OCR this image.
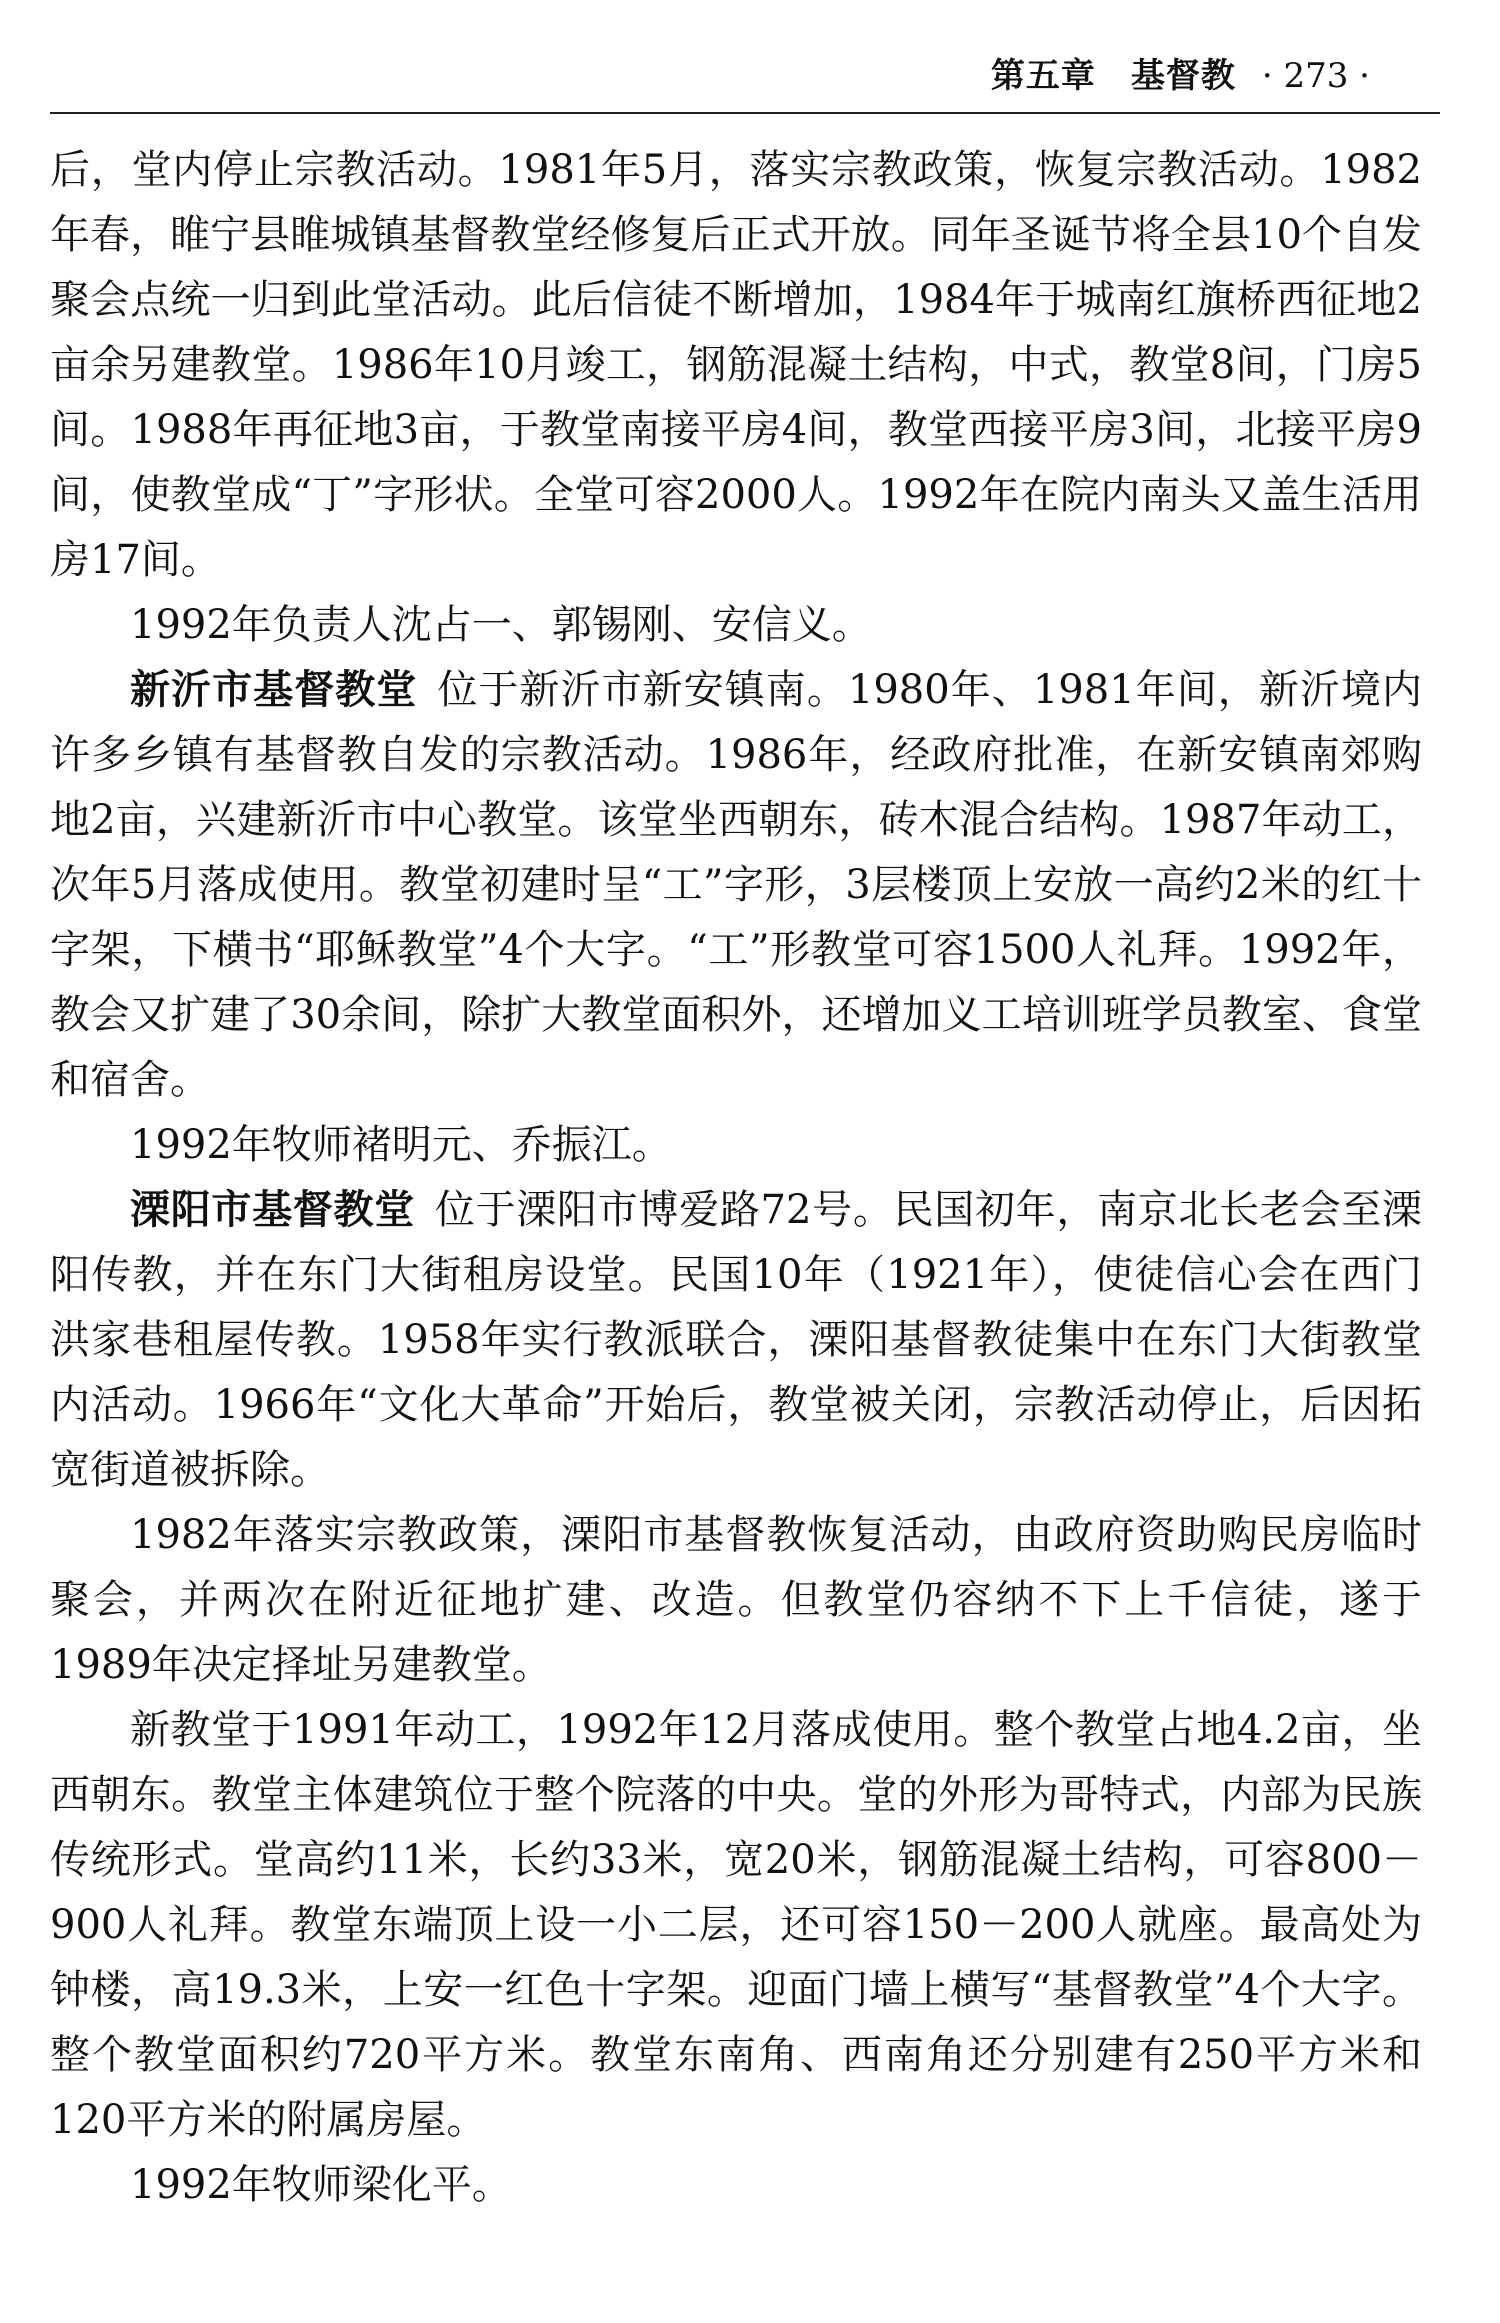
第五章　基督教 · 273 ·

后，堂内停止宗教活动。1981年5月，落实宗教政策，恢复宗教活动。1982年春，睢宁县睢城镇基督教堂经修复后正式开放。同年圣诞节将全县10个自发聚会点统一归到此堂活动。此后信徒不断增加，1984年于城南红旗桥西征地2亩余另建教堂。1986年10月竣工，钢筋混凝土结构，中式，教堂8间，门房5间。1988年再征地3亩，于教堂南接平房4间，教堂西接平房3间，北接平房9间，使教堂成“丁”字形状。全堂可容2000人。1992年在院内南头又盖生活用房17间。

1992年负责人沈占一、郭锡刚、安信义。

新沂市基督教堂 位于新沂市新安镇南。1980年、1981年间，新沂境内许多乡镇有基督教自发的宗教活动。1986年，经政府批准，在新安镇南郊购地2亩，兴建新沂市中心教堂。该堂坐西朝东，砖木混合结构。1987年动工，次年5月落成使用。教堂初建时呈“工”字形，3层楼顶上安放一高约2米的红十字架，下横书“耶稣教堂”4个大字。“工”形教堂可容1500人礼拜。1992年，教会又扩建了30余间，除扩大教堂面积外，还增加义工培训班学员教室、食堂和宿舍。

1992年牧师褚明元、乔振江。

溧阳市基督教堂 位于溧阳市博爱路72号。民国初年，南京北长老会至溧阳传教，并在东门大街租房设堂。民国10年（1921年），使徒信心会在西门洪家巷租屋传教。1958年实行教派联合，溧阳基督教徒集中在东门大街教堂内活动。1966年“文化大革命”开始后，教堂被关闭，宗教活动停止，后因拓宽街道被拆除。

1982年落实宗教政策，溧阳市基督教恢复活动，由政府资助购民房临时聚会，并两次在附近征地扩建、改造。但教堂仍容纳不下上千信徒，遂于1989年决定择址另建教堂。

新教堂于1991年动工，1992年12月落成使用。整个教堂占地4.2亩，坐西朝东。教堂主体建筑位于整个院落的中央。堂的外形为哥特式，内部为民族传统形式。堂高约11米，长约33米，宽20米，钢筋混凝土结构，可容800－900人礼拜。教堂东端顶上设一小二层，还可容150－200人就座。最高处为钟楼，高19.3米，上安一红色十字架。迎面门墙上横写“基督教堂”4个大字。整个教堂面积约720平方米。教堂东南角、西南角还分别建有250平方米和120平方米的附属房屋。

1992年牧师梁化平。
